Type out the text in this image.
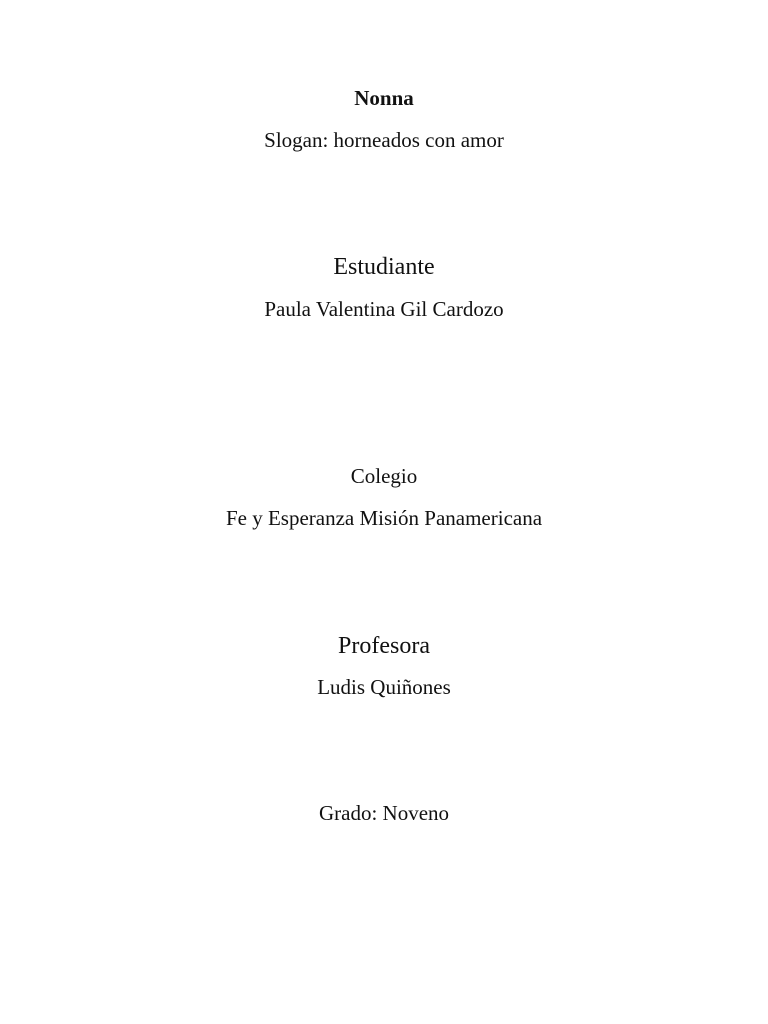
Nonna
Slogan: horneados con amor
Estudiante
Paula Valentina Gil Cardozo
Colegio
Fe y Esperanza Misión Panamericana
Profesora
Ludis Quiñones
Grado: Noveno
